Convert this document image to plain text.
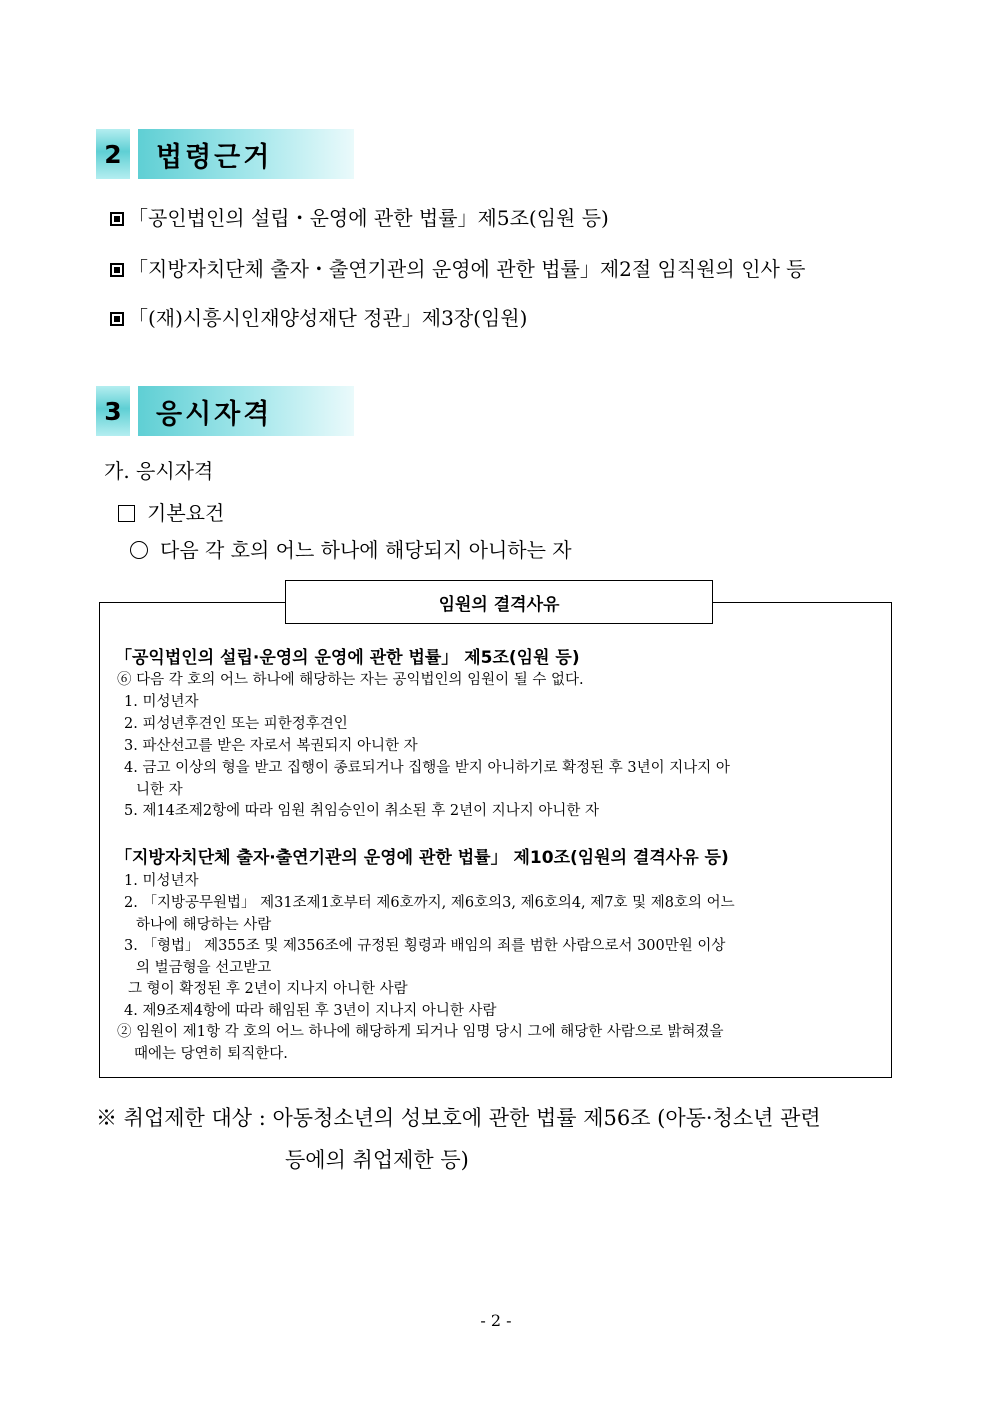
2	법령근거
「공인법인의 설립・운영에 관한 법률」제5조(임원 등)
「지방자치단체 출자・출연기관의 운영에 관한 법률」제2절 임직원의 인사 등
「(재)시흥시인재양성재단 정관」제3장(임원)
3	응시자격
가. 응시자격
기본요건
다음 각 호의 어느 하나에 해당되지 아니하는 자
임원의 결격사유
「공익법인의 설립·운영의 운영에 관한 법률」 제5조(임원 등)
⑥ 다음 각 호의 어느 하나에 해당하는 자는 공익법인의 임원이 될 수 없다.
1. 미성년자
2. 피성년후견인 또는 피한정후견인
3. 파산선고를 받은 자로서 복권되지 아니한 자
4. 금고 이상의 형을 받고 집행이 종료되거나 집행을 받지 아니하기로 확정된 후 3년이 지나지 아
니한 자
5. 제14조제2항에 따라 임원 취임승인이 취소된 후 2년이 지나지 아니한 자
「지방자치단체 출자·출연기관의 운영에 관한 법률」 제10조(임원의 결격사유 등)
1. 미성년자
2. 「지방공무원법」 제31조제1호부터 제6호까지, 제6호의3, 제6호의4, 제7호 및 제8호의 어느
하나에 해당하는 사람
3. 「형법」 제355조 및 제356조에 규정된 횡령과 배임의 죄를 범한 사람으로서 300만원 이상
의 벌금형을 선고받고
그 형이 확정된 후 2년이 지나지 아니한 사람
4. 제9조제4항에 따라 해임된 후 3년이 지나지 아니한 사람
② 임원이 제1항 각 호의 어느 하나에 해당하게 되거나 임명 당시 그에 해당한 사람으로 밝혀졌을
때에는 당연히 퇴직한다.
※ 취업제한 대상 : 아동청소년의 성보호에 관한 법률 제56조 (아동·청소년 관련
등에의 취업제한 등)
- 2 -
